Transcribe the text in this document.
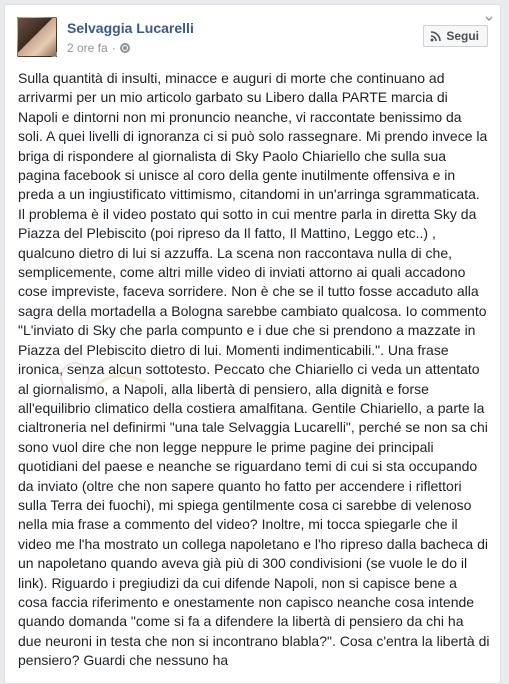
Selvaggia Lucarelli
2 ore fa ·
Segui

Sulla quantità di insulti, minacce e auguri di morte che continuano ad arrivarmi per un mio articolo garbato su Libero dalla PARTE marcia di Napoli e dintorni non mi pronuncio neanche, vi raccontate benissimo da soli. A quei livelli di ignoranza ci si può solo rassegnare. Mi prendo invece la briga di rispondere al giornalista di Sky Paolo Chiariello che sulla sua pagina facebook si unisce al coro della gente inutilmente offensiva e in preda a un ingiustificato vittimismo, citandomi in un'arringa sgrammaticata. Il problema è il video postato qui sotto in cui mentre parla in diretta Sky da Piazza del Plebiscito (poi ripreso da Il fatto, Il Mattino, Leggo etc..) , qualcuno dietro di lui si azzuffa. La scena non raccontava nulla di che, semplicemente, come altri mille video di inviati attorno ai quali accadono cose impreviste, faceva sorridere. Non è che se il tutto fosse accaduto alla sagra della mortadella a Bologna sarebbe cambiato qualcosa. Io commento "L'inviato di Sky che parla compunto e i due che si prendono a mazzate in Piazza del Plebiscito dietro di lui. Momenti indimenticabili.". Una frase ironica, senza alcun sottotesto. Peccato che Chiariello ci veda un attentato al giornalismo, a Napoli, alla libertà di pensiero, alla dignità e forse all'equilibrio climatico della costiera amalfitana. Gentile Chiariello, a parte la cialtroneria nel definirmi "una tale Selvaggia Lucarelli", perché se non sa chi sono vuol dire che non legge neppure le prime pagine dei principali quotidiani del paese e neanche se riguardano temi di cui si sta occupando da inviato (oltre che non sapere quanto ho fatto per accendere i riflettori sulla Terra dei fuochi), mi spiega gentilmente cosa ci sarebbe di velenoso nella mia frase a commento del video? Inoltre, mi tocca spiegarle che il video me l'ha mostrato un collega napoletano e l'ho ripreso dalla bacheca di un napoletano quando aveva già più di 300 condivisioni (se vuole le do il link). Riguardo i pregiudizi da cui difende Napoli, non si capisce bene a cosa faccia riferimento e onestamente non capisco neanche cosa intende quando domanda "come si fa a difendere la libertà di pensiero da chi ha due neuroni in testa che non si incontrano blabla?". Cosa c'entra la libertà di pensiero? Guardi che nessuno ha
